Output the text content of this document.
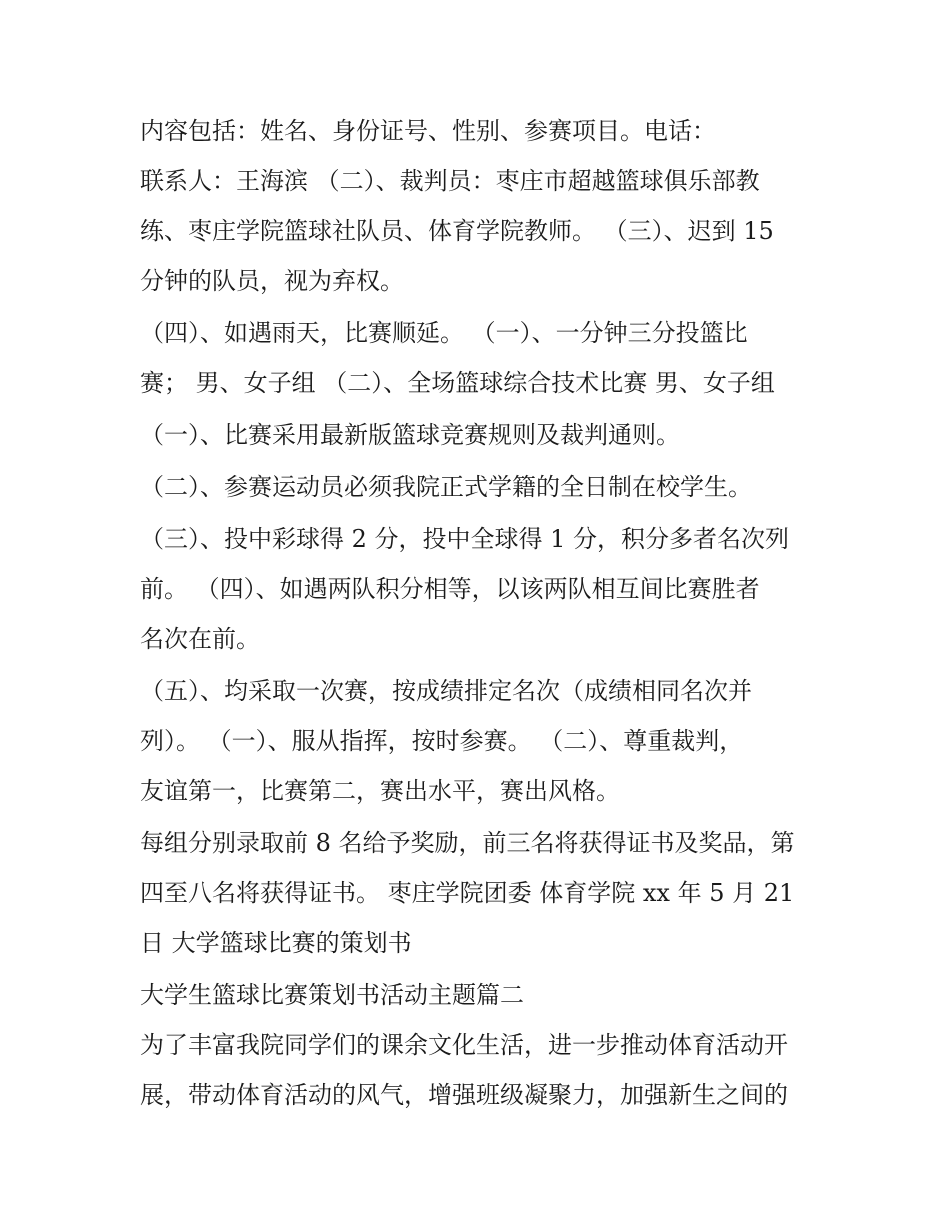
内容包括：姓名、身份证号、性别、参赛项目。电话：
联系人：王海滨 （二）、裁判员：枣庄市超越篮球俱乐部教
练、枣庄学院篮球社队员、体育学院教师。 （三）、迟到 15
分钟的队员，视为弃权。
（四）、如遇雨天，比赛顺延。 （一）、一分钟三分投篮比
赛； 男、女子组 （二）、全场篮球综合技术比赛 男、女子组
（一）、比赛采用最新版篮球竞赛规则及裁判通则。
（二）、参赛运动员必须我院正式学籍的全日制在校学生。
（三）、投中彩球得 2 分，投中全球得 1 分，积分多者名次列
前。 （四）、如遇两队积分相等，以该两队相互间比赛胜者
名次在前。
（五）、均采取一次赛，按成绩排定名次（成绩相同名次并
列）。 （一）、服从指挥，按时参赛。 （二）、尊重裁判，
友谊第一，比赛第二，赛出水平，赛出风格。
每组分别录取前 8 名给予奖励，前三名将获得证书及奖品，第
四至八名将获得证书。 枣庄学院团委 体育学院 xx 年 5 月 21
日 大学篮球比赛的策划书
大学生篮球比赛策划书活动主题篇二
为了丰富我院同学们的课余文化生活，进一步推动体育活动开
展，带动体育活动的风气，增强班级凝聚力，加强新生之间的
